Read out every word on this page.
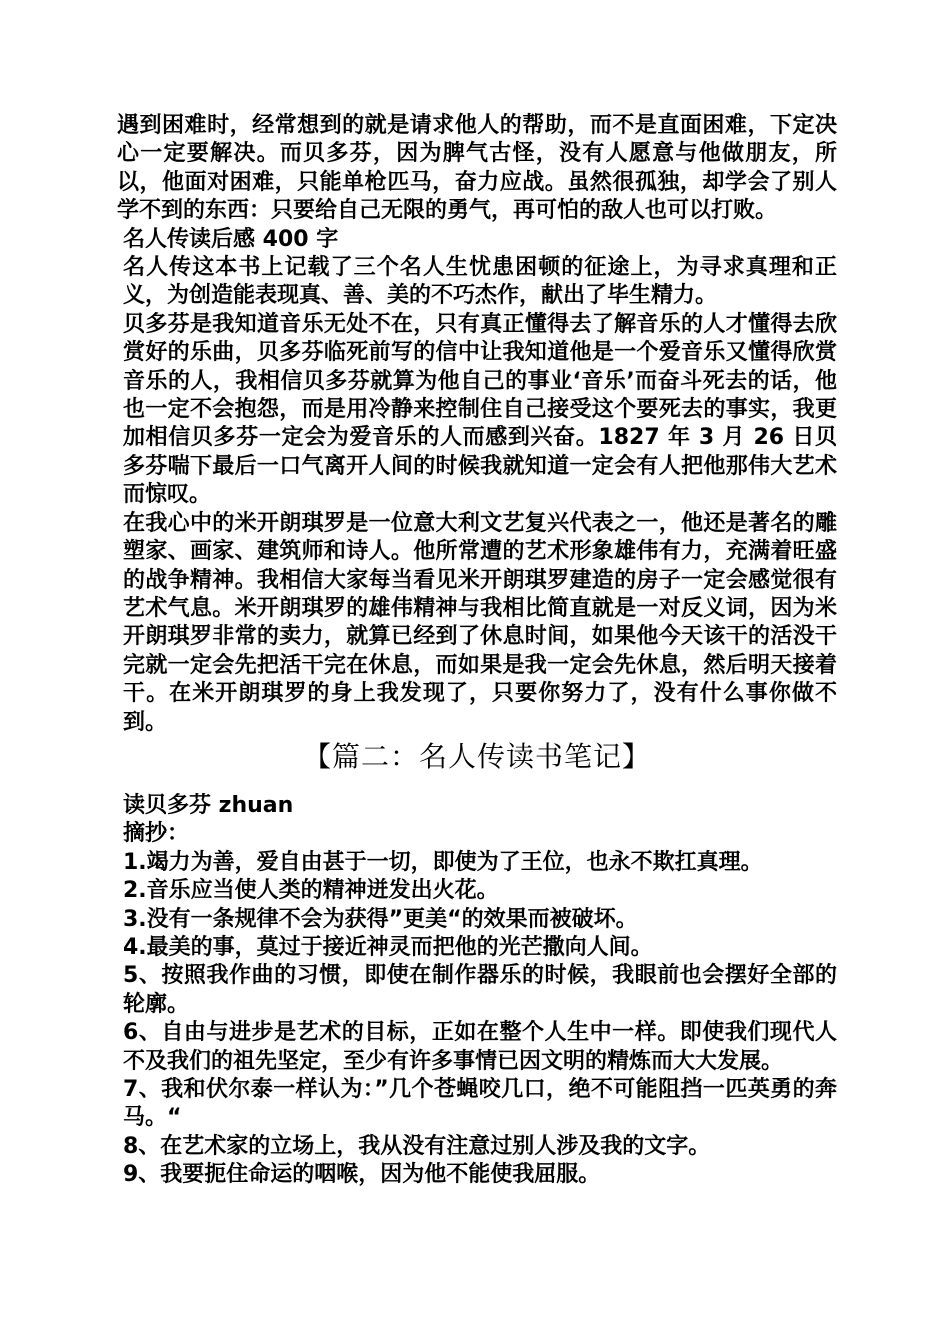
遇到困难时，经常想到的就是请求他人的帮助，而不是直面困难，下定决心一定要解决。而贝多芬，因为脾气古怪，没有人愿意与他做朋友，所以，他面对困难，只能单枪匹马，奋力应战。虽然很孤独，却学会了别人学不到的东西：只要给自己无限的勇气，再可怕的敌人也可以打败。

名人传读后感 400 字

名人传这本书上记载了三个名人生忧患困顿的征途上，为寻求真理和正义，为创造能表现真、善、美的不巧杰作，献出了毕生精力。

贝多芬是我知道音乐无处不在，只有真正懂得去了解音乐的人才懂得去欣赏好的乐曲，贝多芬临死前写的信中让我知道他是一个爱音乐又懂得欣赏音乐的人，我相信贝多芬就算为他自己的事业‘音乐’而奋斗死去的话，他也一定不会抱怨，而是用冷静来控制住自己接受这个要死去的事实，我更加相信贝多芬一定会为爱音乐的人而感到兴奋。1827 年 3 月 26 日贝多芬喘下最后一口气离开人间的时候我就知道一定会有人把他那伟大艺术而惊叹。

在我心中的米开朗琪罗是一位意大利文艺复兴代表之一，他还是著名的雕塑家、画家、建筑师和诗人。他所常遭的艺术形象雄伟有力，充满着旺盛的战争精神。我相信大家每当看见米开朗琪罗建造的房子一定会感觉很有艺术气息。米开朗琪罗的雄伟精神与我相比简直就是一对反义词，因为米开朗琪罗非常的卖力，就算已经到了休息时间，如果他今天该干的活没干完就一定会先把活干完在休息，而如果是我一定会先休息，然后明天接着干。在米开朗琪罗的身上我发现了，只要你努力了，没有什么事你做不到。

【篇二：名人传读书笔记】

读贝多芬 zhuan

摘抄：

1.竭力为善，爱自由甚于一切，即使为了王位，也永不欺扛真理。

2.音乐应当使人类的精神迸发出火花。

3.没有一条规律不会为获得”更美“的效果而被破坏。

4.最美的事，莫过于接近神灵而把他的光芒撒向人间。

5、按照我作曲的习惯，即使在制作器乐的时候，我眼前也会摆好全部的轮廓。

6、自由与进步是艺术的目标，正如在整个人生中一样。即使我们现代人不及我们的祖先坚定，至少有许多事情已因文明的精炼而大大发展。

7、我和伏尔泰一样认为：”几个苍蝇咬几口，绝不可能阻挡一匹英勇的奔马。“

8、在艺术家的立场上，我从没有注意过别人涉及我的文字。

9、我要扼住命运的咽喉，因为他不能使我屈服。
